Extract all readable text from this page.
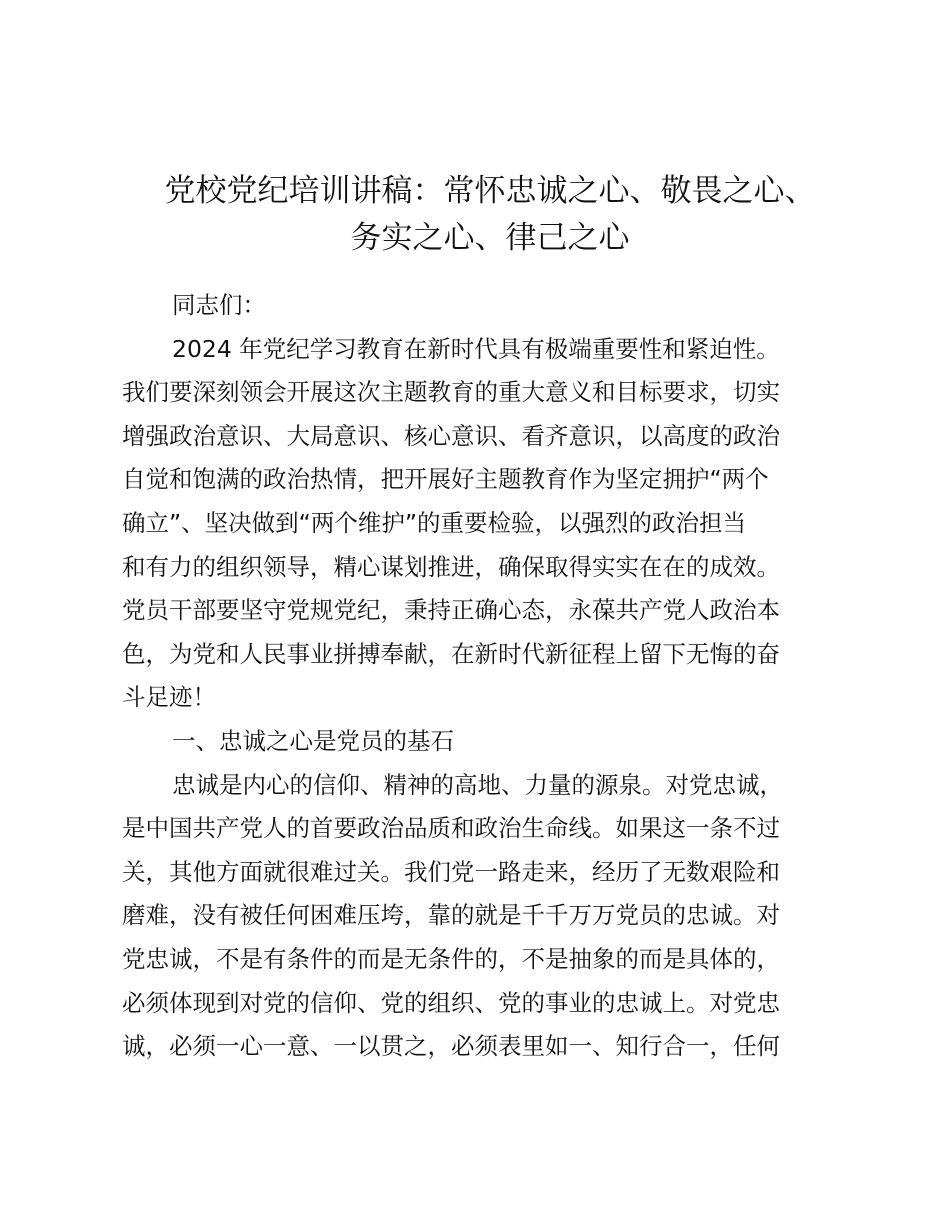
党校党纪培训讲稿：常怀忠诚之心、敬畏之心、
务实之心、律己之心
同志们：
2024 年党纪学习教育在新时代具有极端重要性和紧迫性。
我们要深刻领会开展这次主题教育的重大意义和目标要求，切实
增强政治意识、大局意识、核心意识、看齐意识，以高度的政治
自觉和饱满的政治热情，把开展好主题教育作为坚定拥护“两个
确立”、坚决做到“两个维护”的重要检验，以强烈的政治担当
和有力的组织领导，精心谋划推进，确保取得实实在在的成效。
党员干部要坚守党规党纪，秉持正确心态，永葆共产党人政治本
色，为党和人民事业拼搏奉献，在新时代新征程上留下无悔的奋
斗足迹！
一、忠诚之心是党员的基石
忠诚是内心的信仰、精神的高地、力量的源泉。对党忠诚，
是中国共产党人的首要政治品质和政治生命线。如果这一条不过
关，其他方面就很难过关。我们党一路走来，经历了无数艰险和
磨难，没有被任何困难压垮，靠的就是千千万万党员的忠诚。对
党忠诚，不是有条件的而是无条件的，不是抽象的而是具体的，
必须体现到对党的信仰、党的组织、党的事业的忠诚上。对党忠
诚，必须一心一意、一以贯之，必须表里如一、知行合一，任何
